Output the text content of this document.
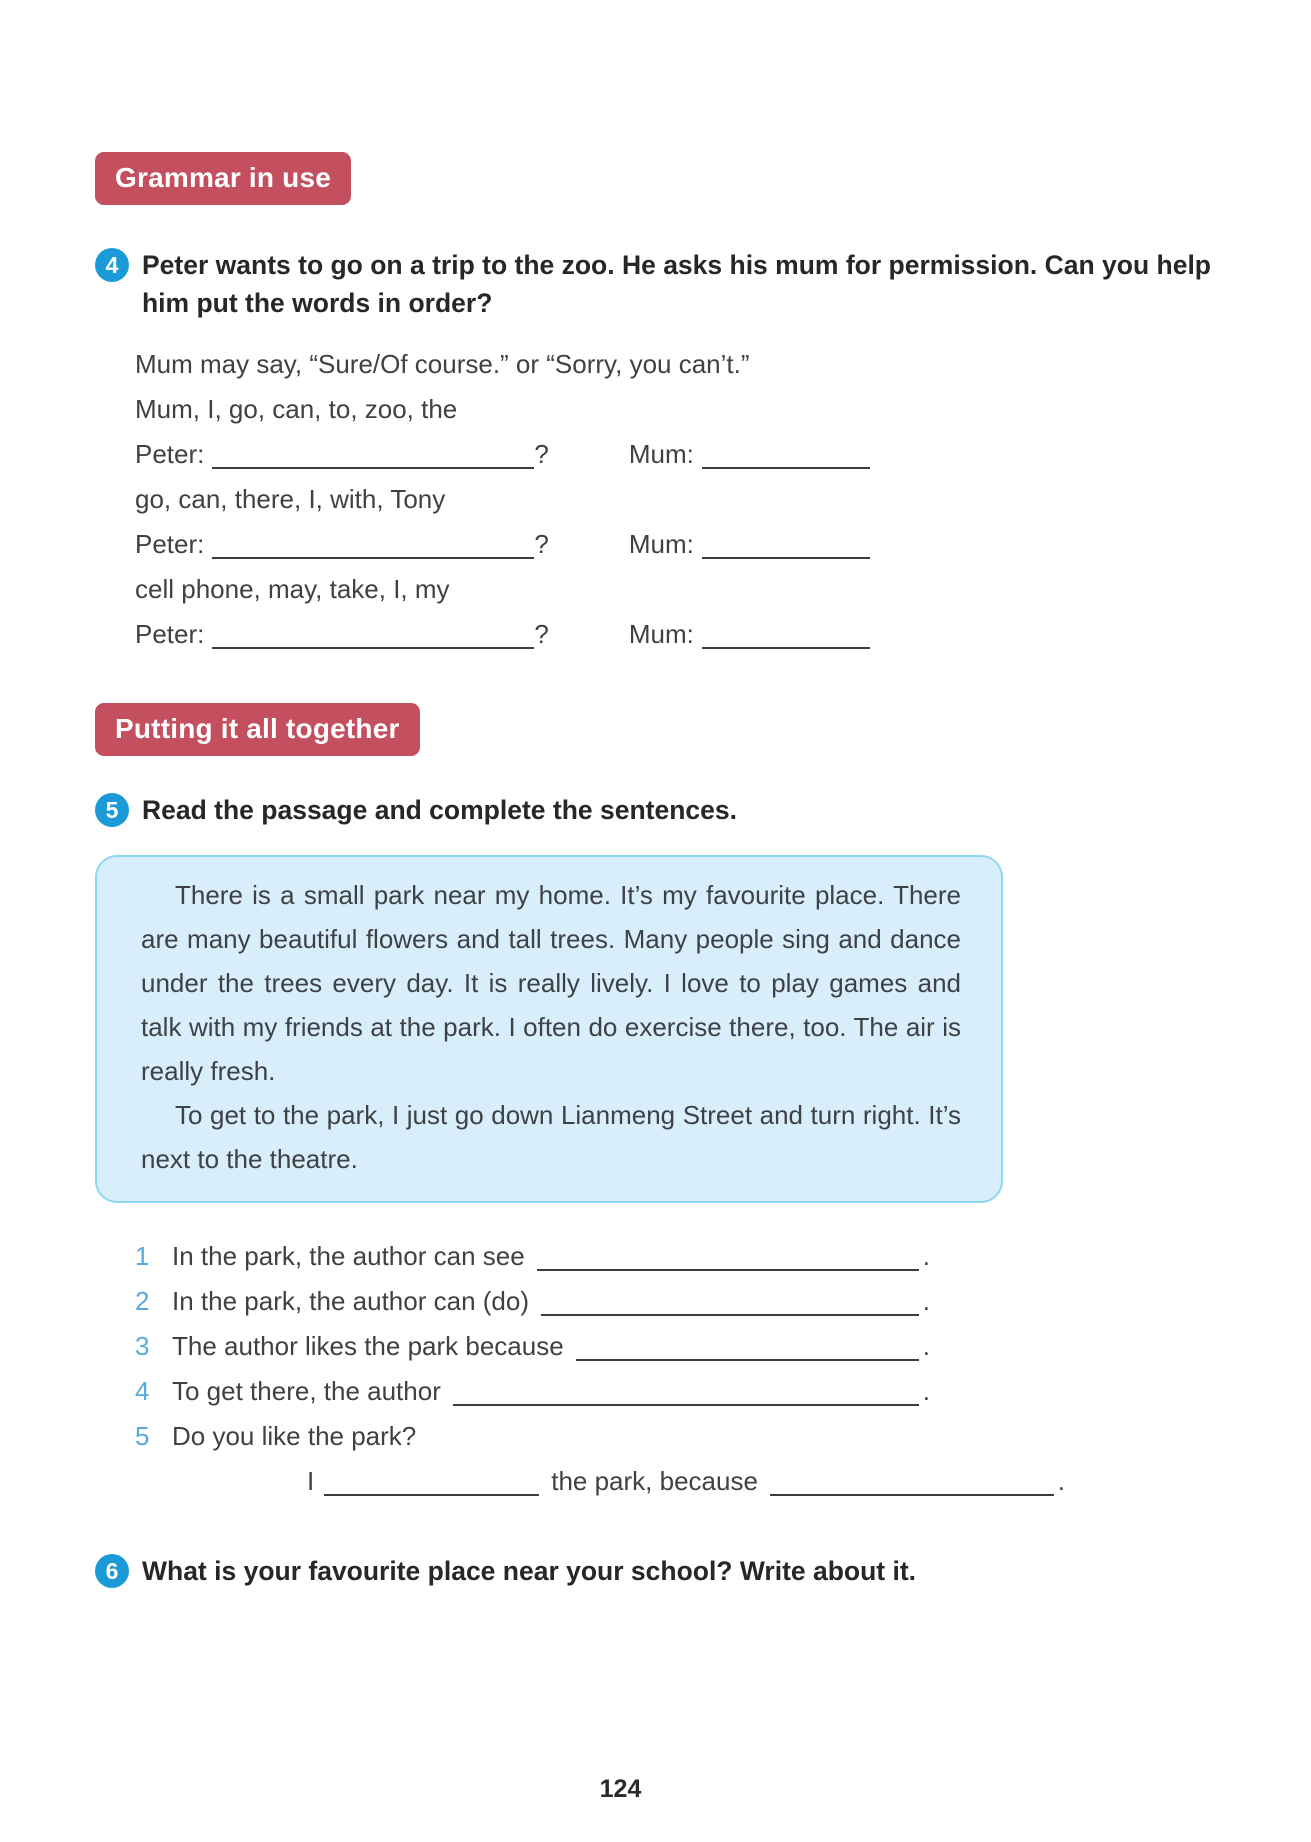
Grammar in use
4 Peter wants to go on a trip to the zoo. He asks his mum for permission. Can you help him put the words in order?
Mum may say, “Sure/Of course.” or “Sorry, you can’t.”
Mum, I, go, can, to, zoo, the
Peter:	?	Mum:
go, can, there, I, with, Tony
Peter:	?	Mum:
cell phone, may, take, I, my
Peter:	?	Mum:
Putting it all together
5 Read the passage and complete the sentences.

There is a small park near my home. It’s my favourite place. There are many beautiful flowers and tall trees. Many people sing and dance under the trees every day. It is really lively. I love to play games and talk with my friends at the park. I often do exercise there, too. The air is really fresh.

To get to the park, I just go down Lianmeng Street and turn right. It’s next to the theatre.

1 In the park, the author can see	.
2 In the park, the author can (do)	.
3 The author likes the park because	.
4 To get there, the author	.
5 Do you like the park?
I	the park, because	.
6 What is your favourite place near your school? Write about it.
124
